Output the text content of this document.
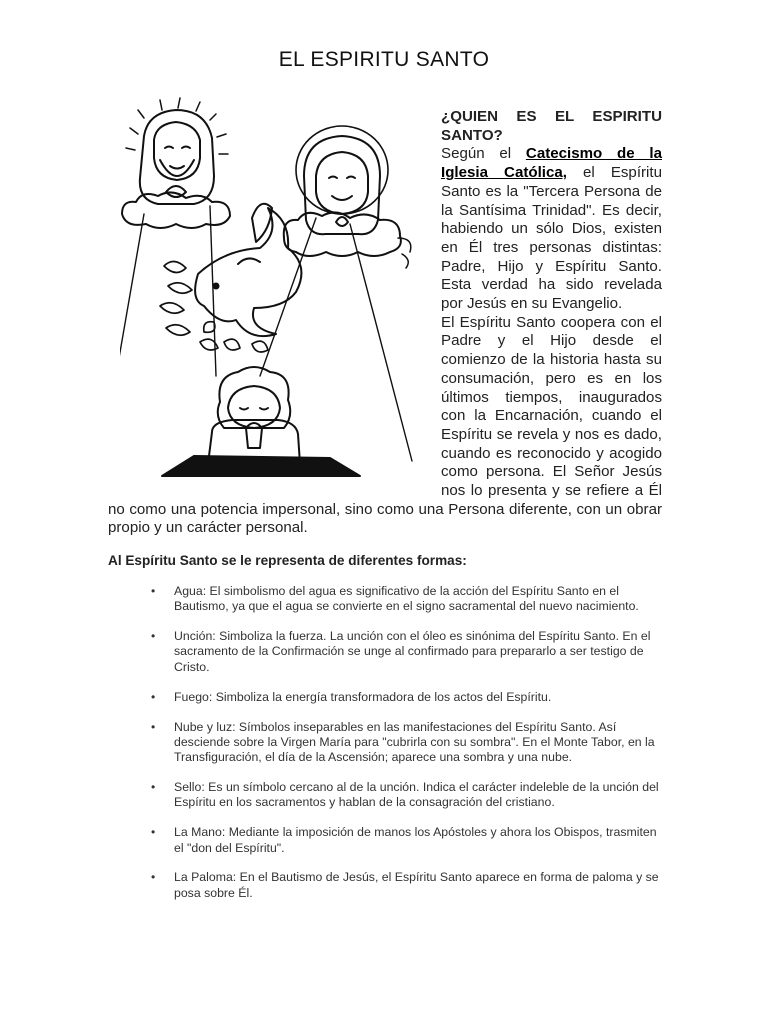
EL ESPIRITU SANTO

¿QUIEN ES EL ESPIRITU SANTO?
Según el Catecismo de la Iglesia Católica, el Espíritu Santo es la "Tercera Persona de la Santísima Trinidad". Es decir, habiendo un sólo Dios, existen en Él tres personas distintas: Padre, Hijo y Espíritu Santo. Esta verdad ha sido revelada por Jesús en su Evangelio.

El Espíritu Santo coopera con el Padre y el Hijo desde el comienzo de la historia hasta su consumación, pero es en los últimos tiempos, inaugurados con la Encarnación, cuando el Espíritu se revela y nos es dado, cuando es reconocido y acogido como persona. El Señor Jesús nos lo presenta y se refiere a Él no como una potencia impersonal, sino como una Persona diferente, con un obrar propio y un carácter personal.

Al Espíritu Santo se le representa de diferentes formas:
• Agua: El simbolismo del agua es significativo de la acción del Espíritu Santo en el Bautismo, ya que el agua se convierte en el signo sacramental del nuevo nacimiento.
• Unción: Simboliza la fuerza. La unción con el óleo es sinónima del Espíritu Santo. En el sacramento de la Confirmación se unge al confirmado para prepararlo a ser testigo de Cristo.
• Fuego: Simboliza la energía transformadora de los actos del Espíritu.
• Nube y luz: Símbolos inseparables en las manifestaciones del Espíritu Santo. Así desciende sobre la Virgen María para "cubrirla con su sombra". En el Monte Tabor, en la Transfiguración, el día de la Ascensión; aparece una sombra y una nube.
• Sello: Es un símbolo cercano al de la unción. Indica el carácter indeleble de la unción del Espíritu en los sacramentos y hablan de la consagración del cristiano.
• La Mano: Mediante la imposición de manos los Apóstoles y ahora los Obispos, trasmiten el "don del Espíritu".
• La Paloma: En el Bautismo de Jesús, el Espíritu Santo aparece en forma de paloma y se posa sobre Él.
